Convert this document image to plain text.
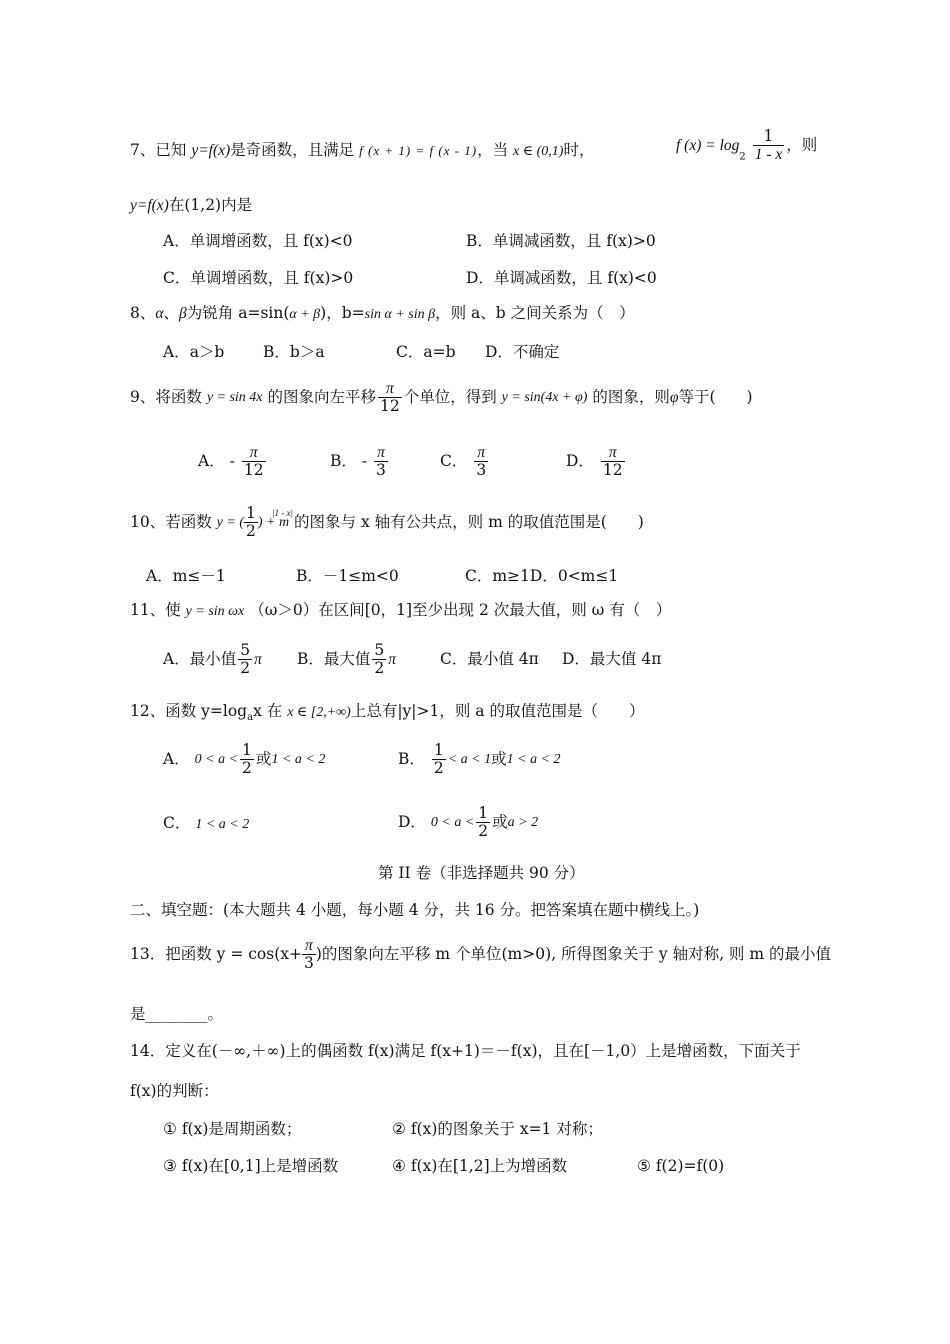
7、已知 y=f(x)是奇函数，且满足 f (x + 1) = f (x - 1)，当 x ∈ (0,1)时，	f $(x) = \log_2 \frac{1}{1 - x}$ ，则
y=f(x)在(1,2)内是
A．单调增函数，且 f(x)<0	B．单调减函数，且 f(x)>0
C．单调增函数，且 f(x)>0	D．单调减函数，且 f(x)<0
8、α、β为锐角 a=sin(α + β)，b=sin α + sin β，则 a、b 之间关系为（　）
A．a＞b B．b＞a	C．a=b D．不确定
9、将函数 y = sin 4x 的图象向左平移 $\frac{\pi}{12}$ 个单位，得到 y = sin(4x + φ) 的图象，则φ等于(　　)
A． - $\frac{\pi}{12}$	B． - $\frac{\pi}{3}$	C． $\frac{\pi}{3}$	D． $\frac{\pi}{12}$
10、若函数 y = ( $\frac{1}{2}$ ) + m 的图象与 x 轴有公共点，则 m 的取值范围是(　　)
|1 - x|
A．m≤－1	B．－1≤m<0	C．m≥1D．0<m≤1
11、使 y = sin ωx （ω＞0）在区间[0，1]至少出现 2 次最大值，则 ω 有（　）
A．最小值 $\frac{5}{2}$ π B．最大值 $\frac{5}{2}$ π	C．最小值 4π D．最大值 4π
12、函数 $y=\log_ax$ 在 x ∈ [2,+∞)上总有|y|>1，则 a 的取值范围是（　　）
A． $0 < a < \frac{1}{2}$ 或1 < a < 2	B． $\frac{1}{2} < a < 1$或1 < a < 2
C． 1 < a < 2	D． $0 < a < \frac{1}{2}$ 或a > 2
第 II 卷（非选择题共 90 分）
二、填空题：(本大题共 4 小题，每小题 4 分，共 16 分。把答案填在题中横线上。)
13．把函数 $y = \cos(x+ \frac{\pi}{3}$ )的图象向左平移 m 个单位(m>0), 所得图象关于 y 轴对称, 则 m 的最小值
是________。
14．定义在(－∞,＋∞)上的偶函数 f(x)满足 f(x+1)＝－f(x)，且在[－1,0）上是增函数，下面关于
f(x)的判断：
① f(x)是周期函数；	② f(x)的图象关于 x=1 对称；
③ f(x)在[0,1]上是增函数	④ f(x)在[1,2]上为增函数	⑤ f(2)=f(0)
